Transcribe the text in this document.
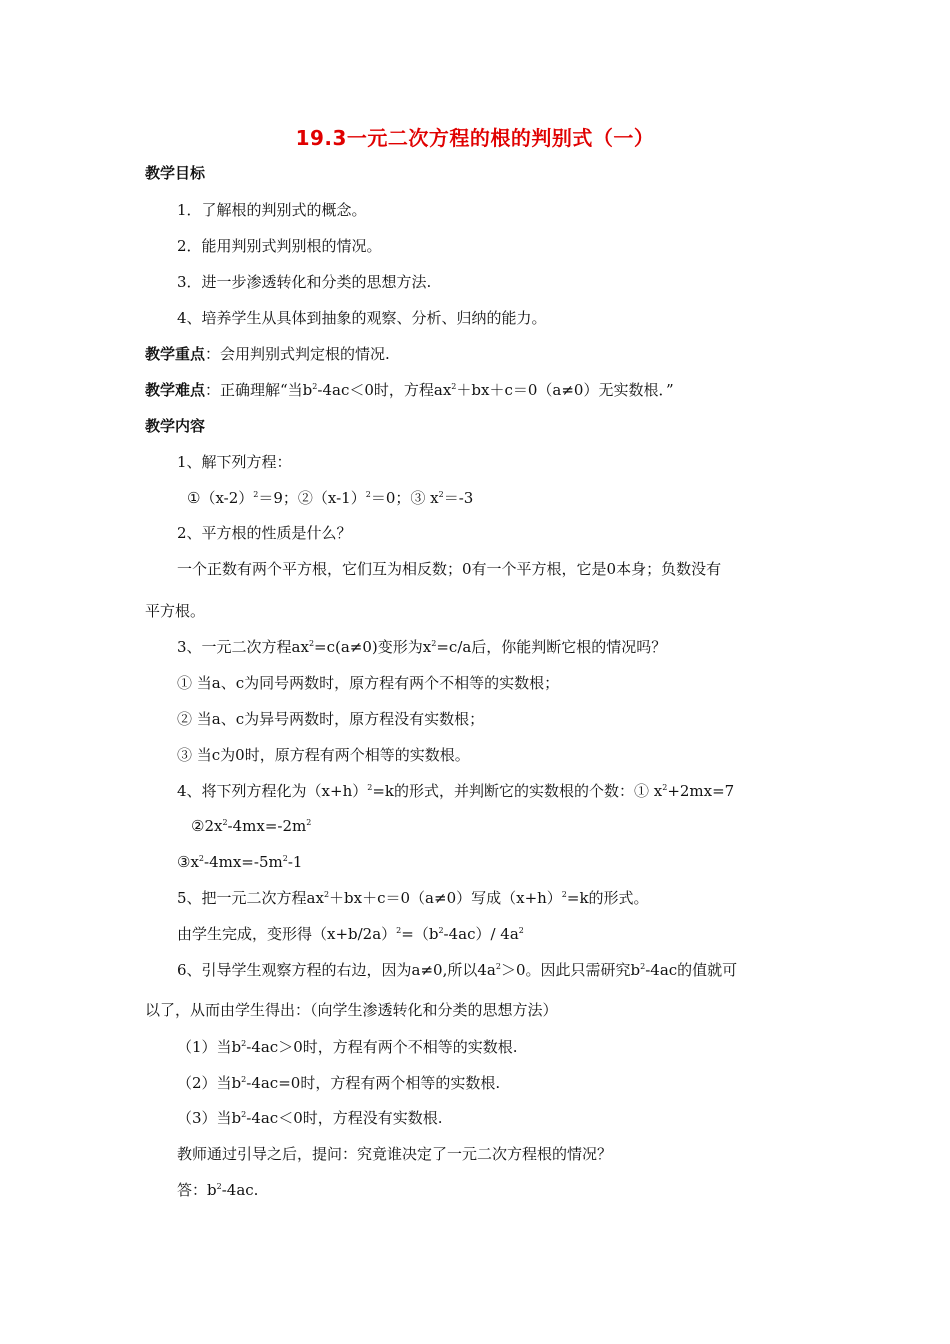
19.3一元二次方程的根的判别式（一）
教学目标
1．了解根的判别式的概念。
2．能用判别式判别根的情况。
3．进一步渗透转化和分类的思想方法.
4、培养学生从具体到抽象的观察、分析、归纳的能力。
教学重点：会用判别式判定根的情况.
教学难点：正确理解“当$b^2-4ac<0$时，方程$ax^2+bx+c=0(a\ne 0)$无实数根．”
教学内容
1、解下列方程：
$①(x-2)^2=9$；$②(x-1)^2=0$；③ $x^2=-3$
2、平方根的性质是什么？
一个正数有两个平方根，它们互为相反数；0有一个平方根，它是0本身；负数没有
平方根。
3、一元二次方程$ax^2=c(a\ne 0)$变形为$x^2=c/a$后，你能判断它根的情况吗？
① 当a、c为同号两数时，原方程有两个不相等的实数根；
② 当a、c为异号两数时，原方程没有实数根；
③ 当c为0时，原方程有两个相等的实数根。
4、将下列方程化为$(x+h)^2=k$的形式，并判断它的实数根的个数：① $x^2+2mx=7$
$②2x^2-4mx=-2m^2$
$③x^2-4mx=-5m^2-1$
5、把一元二次方程$ax^2+bx+c=0(a\ne 0)$写成$(x+h)^2=k$的形式。
由学生完成，变形得$(x+b/2a)^2=(b^2-4ac)/$ $4a^2$
6、引导学生观察方程的右边，因为a≠0,所以$4a^2>0$。因此只需研究$b^2-4ac$的值就可
以了，从而由学生得出：（向学生渗透转化和分类的思想方法）
（1）当$b^2-4ac>0$时，方程有两个不相等的实数根.
（2）当$b^2-4ac=0$时，方程有两个相等的实数根.
（3）当$b^2-4ac<0$时，方程没有实数根.
教师通过引导之后，提问：究竟谁决定了一元二次方程根的情况？
答：$b^2-4ac$.
